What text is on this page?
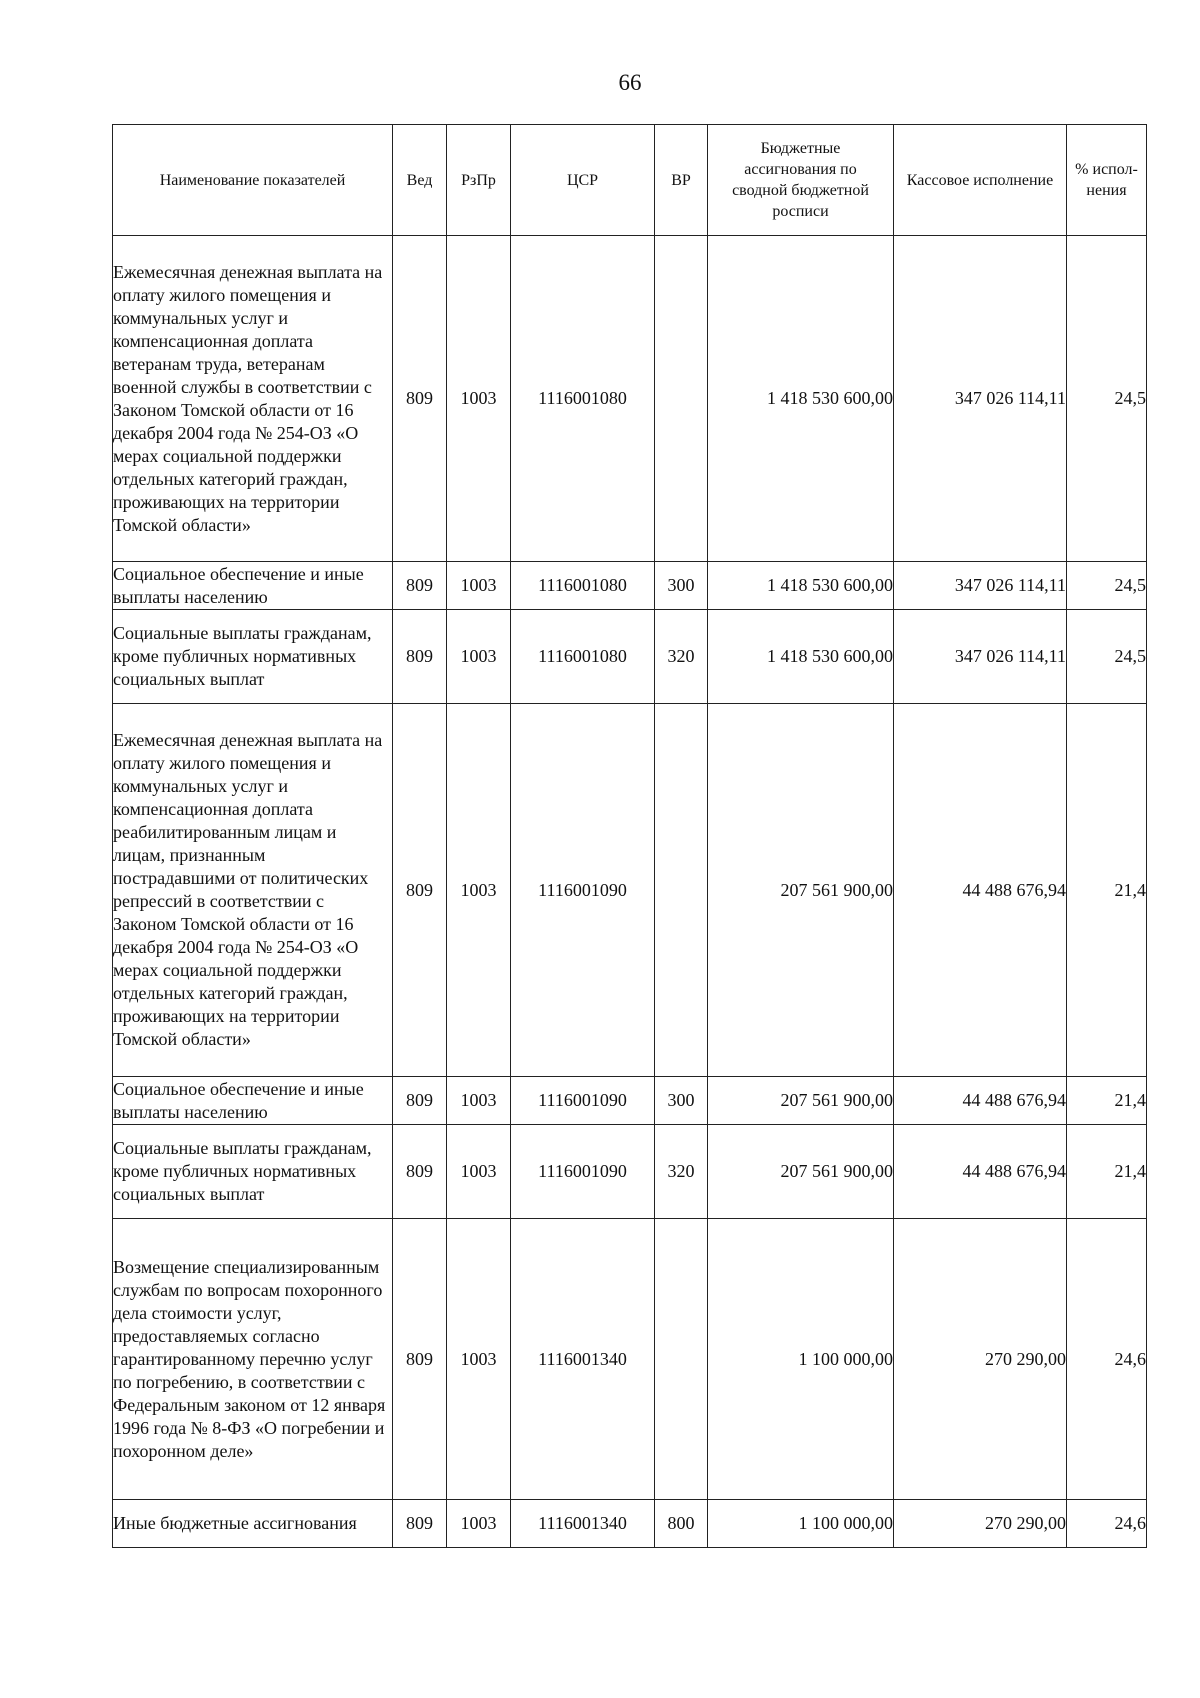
66
Наименование показателей	Вед	РзПр	ЦСР	ВР	Бюджетные ассигнования по сводной бюджетной росписи	Кассовое исполнение	% испол-нения
Ежемесячная денежная выплата на оплату жилого помещения и коммунальных услуг и компенсационная доплата ветеранам труда, ветеранам военной службы в соответствии с Законом Томской области от 16 декабря 2004 года № 254-ОЗ «О мерах социальной поддержки отдельных категорий граждан, проживающих на территории Томской области»	809	1003	1116001080		1 418 530 600,00	347 026 114,11	24,5
Социальное обеспечение и иные выплаты населению	809	1003	1116001080	300	1 418 530 600,00	347 026 114,11	24,5
Социальные выплаты гражданам, кроме публичных нормативных социальных выплат	809	1003	1116001080	320	1 418 530 600,00	347 026 114,11	24,5
Ежемесячная денежная выплата на оплату жилого помещения и коммунальных услуг и компенсационная доплата реабилитированным лицам и лицам, признанным пострадавшими от политических репрессий в соответствии с Законом Томской области от 16 декабря 2004 года № 254-ОЗ «О мерах социальной поддержки отдельных категорий граждан, проживающих на территории Томской области»	809	1003	1116001090		207 561 900,00	44 488 676,94	21,4
Социальное обеспечение и иные выплаты населению	809	1003	1116001090	300	207 561 900,00	44 488 676,94	21,4
Социальные выплаты гражданам, кроме публичных нормативных социальных выплат	809	1003	1116001090	320	207 561 900,00	44 488 676,94	21,4
Возмещение специализированным службам по вопросам похоронного дела стоимости услуг, предоставляемых согласно гарантированному перечню услуг по погребению, в соответствии с Федеральным законом от 12 января 1996 года № 8-ФЗ «О погребении и похоронном деле»	809	1003	1116001340		1 100 000,00	270 290,00	24,6
Иные бюджетные ассигнования	809	1003	1116001340	800	1 100 000,00	270 290,00	24,6
